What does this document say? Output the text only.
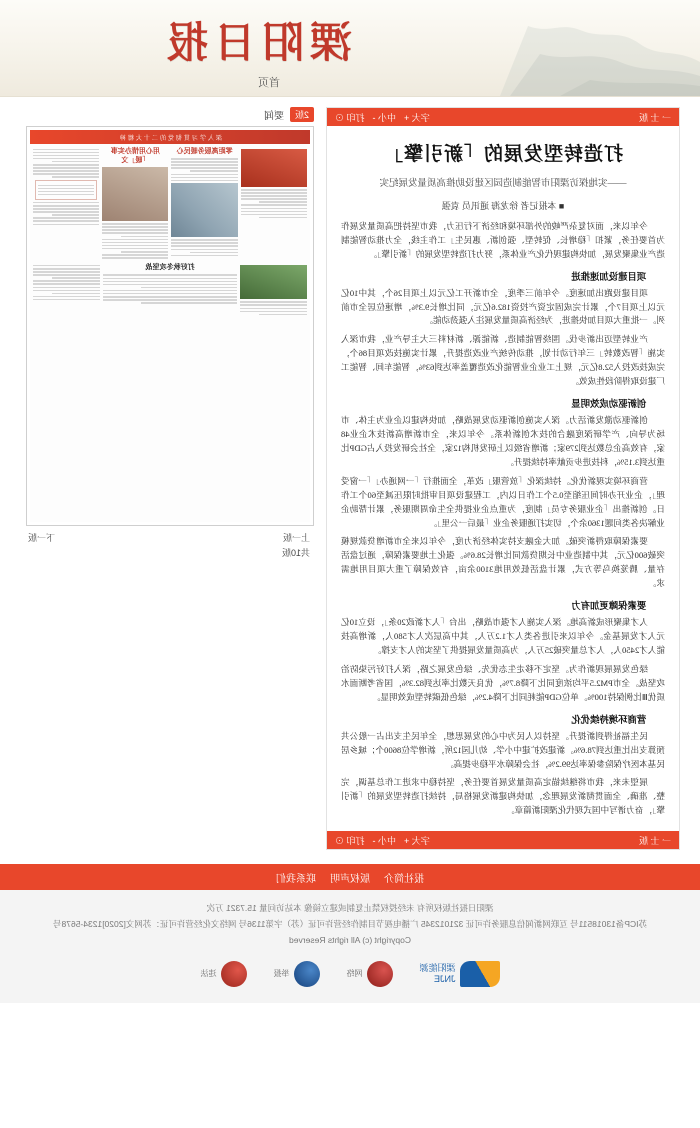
溧阳日报
首页
一 士 版
字大 +
中小 -
打印 ⊙
打造转型发展的「新引擎」
——实地探访溧阳市智能制造园区建设助推高质量发展纪实
■ 本报记者 徐龙海 通讯员 袁强

今年以来，面对复杂严峻的外部环境和经济下行压力，我市坚持把高质量发展作为首要任务，紧扣「稳增长、促转型、强创新、惠民生」工作主线，全力推动智能制造产业集聚发展，加快构建现代化产业体系，努力打造转型发展的「新引擎」。

项目建设加速推进

项目建设跑出加速度。今年前三季度，全市新开工亿元以上项目26个，其中10亿元以上项目7个，累计完成固定资产投资182.6亿元，同比增长9.3%，增速位居全市前列。一批重大项目加快推进，为经济高质量发展注入强劲动能。

产业转型迈出新步伐。围绕智能制造、新能源、新材料三大主导产业，我市深入实施「智改数转」三年行动计划，推动传统产业改造提升，累计实施技改项目86个，完成技改投入52.8亿元，规上工业企业智能化改造覆盖率达到63%，智能车间、智能工厂建设取得阶段性成效。

创新驱动成效明显

创新驱动激发新活力。深入实施创新驱动发展战略，加快构建以企业为主体、市场为导向、产学研深度融合的技术创新体系。今年以来，全市新增高新技术企业48家，有效高企总数达到279家；新增省级以上研发机构12家，全社会研发投入占GDP比重达到3.15%，科技进步贡献率持续提升。

营商环境实现新优化。持续深化「放管服」改革，全面推行「一网通办」「一窗受理」，企业开办时间压缩至0.5个工作日以内，工程建设项目审批时限压减至60个工作日。创新推出「企业服务专员」制度，为重点企业提供全生命周期服务，累计帮助企业解决各类问题1360余个，切实打通服务企业「最后一公里」。

要素保障取得新突破。加大金融支持实体经济力度，今年以来全市新增贷款规模突破600亿元，其中制造业中长期贷款同比增长28.6%。强化土地要素保障，通过盘活存量、腾笼换鸟等方式，累计盘活低效用地3100余亩，有效保障了重大项目用地需求。

要素保障更加有力

人才集聚形成新高地。深入实施人才强市战略，出台「人才新政20条」，设立10亿元人才发展基金。今年以来引进各类人才1.2万人，其中高层次人才580人，新增高技能人才2450人，人才总量突破25万人，为高质量发展提供了坚实的人才支撑。

绿色发展展现新作为。坚定不移走生态优先、绿色发展之路，深入打好污染防治攻坚战。全市PM2.5平均浓度同比下降8.7%，优良天数比率达到82.3%，国省考断面水质优Ⅲ比例保持100%。单位GDP能耗同比下降4.2%，绿色低碳转型成效明显。

营商环境持续优化

民生福祉得到新提升。坚持以人民为中心的发展思想，全年民生支出占一般公共预算支出比重达到78.6%。新建改扩建中小学、幼儿园12所，新增学位8600个；城乡居民基本医疗保险参保率达99.2%，社会保障水平稳步提高。

展望未来，我市将继续锚定高质量发展首要任务，坚持稳中求进工作总基调，完整、准确、全面贯彻新发展理念，加快构建新发展格局，持续打造转型发展的「新引擎」，奋力谱写中国式现代化溧阳新篇章。

一 士 版
字大 +
中小 -
打印 ⊙
2版
要闻
深入学习贯彻党的二十大精神
零距离服务暖民心
用心用情办实事「暖」文
打好秋冬攻坚战
上一版
下一版
共10版
报社简介
版权声明
联系我们
溧阳日报社版权所有 未经授权禁止复制或建立镜像 本站访问量 15.7321 万次
苏ICP备13018511号 互联网新闻信息服务许可证 321012345 广播电视节目制作经营许可证（苏）字第1136号 网络文化经营许可证：苏网文[2020]1234-5678号
Copyright (c) All rights Reserved
溧阳能源
JNJE
网络
举报
违法
